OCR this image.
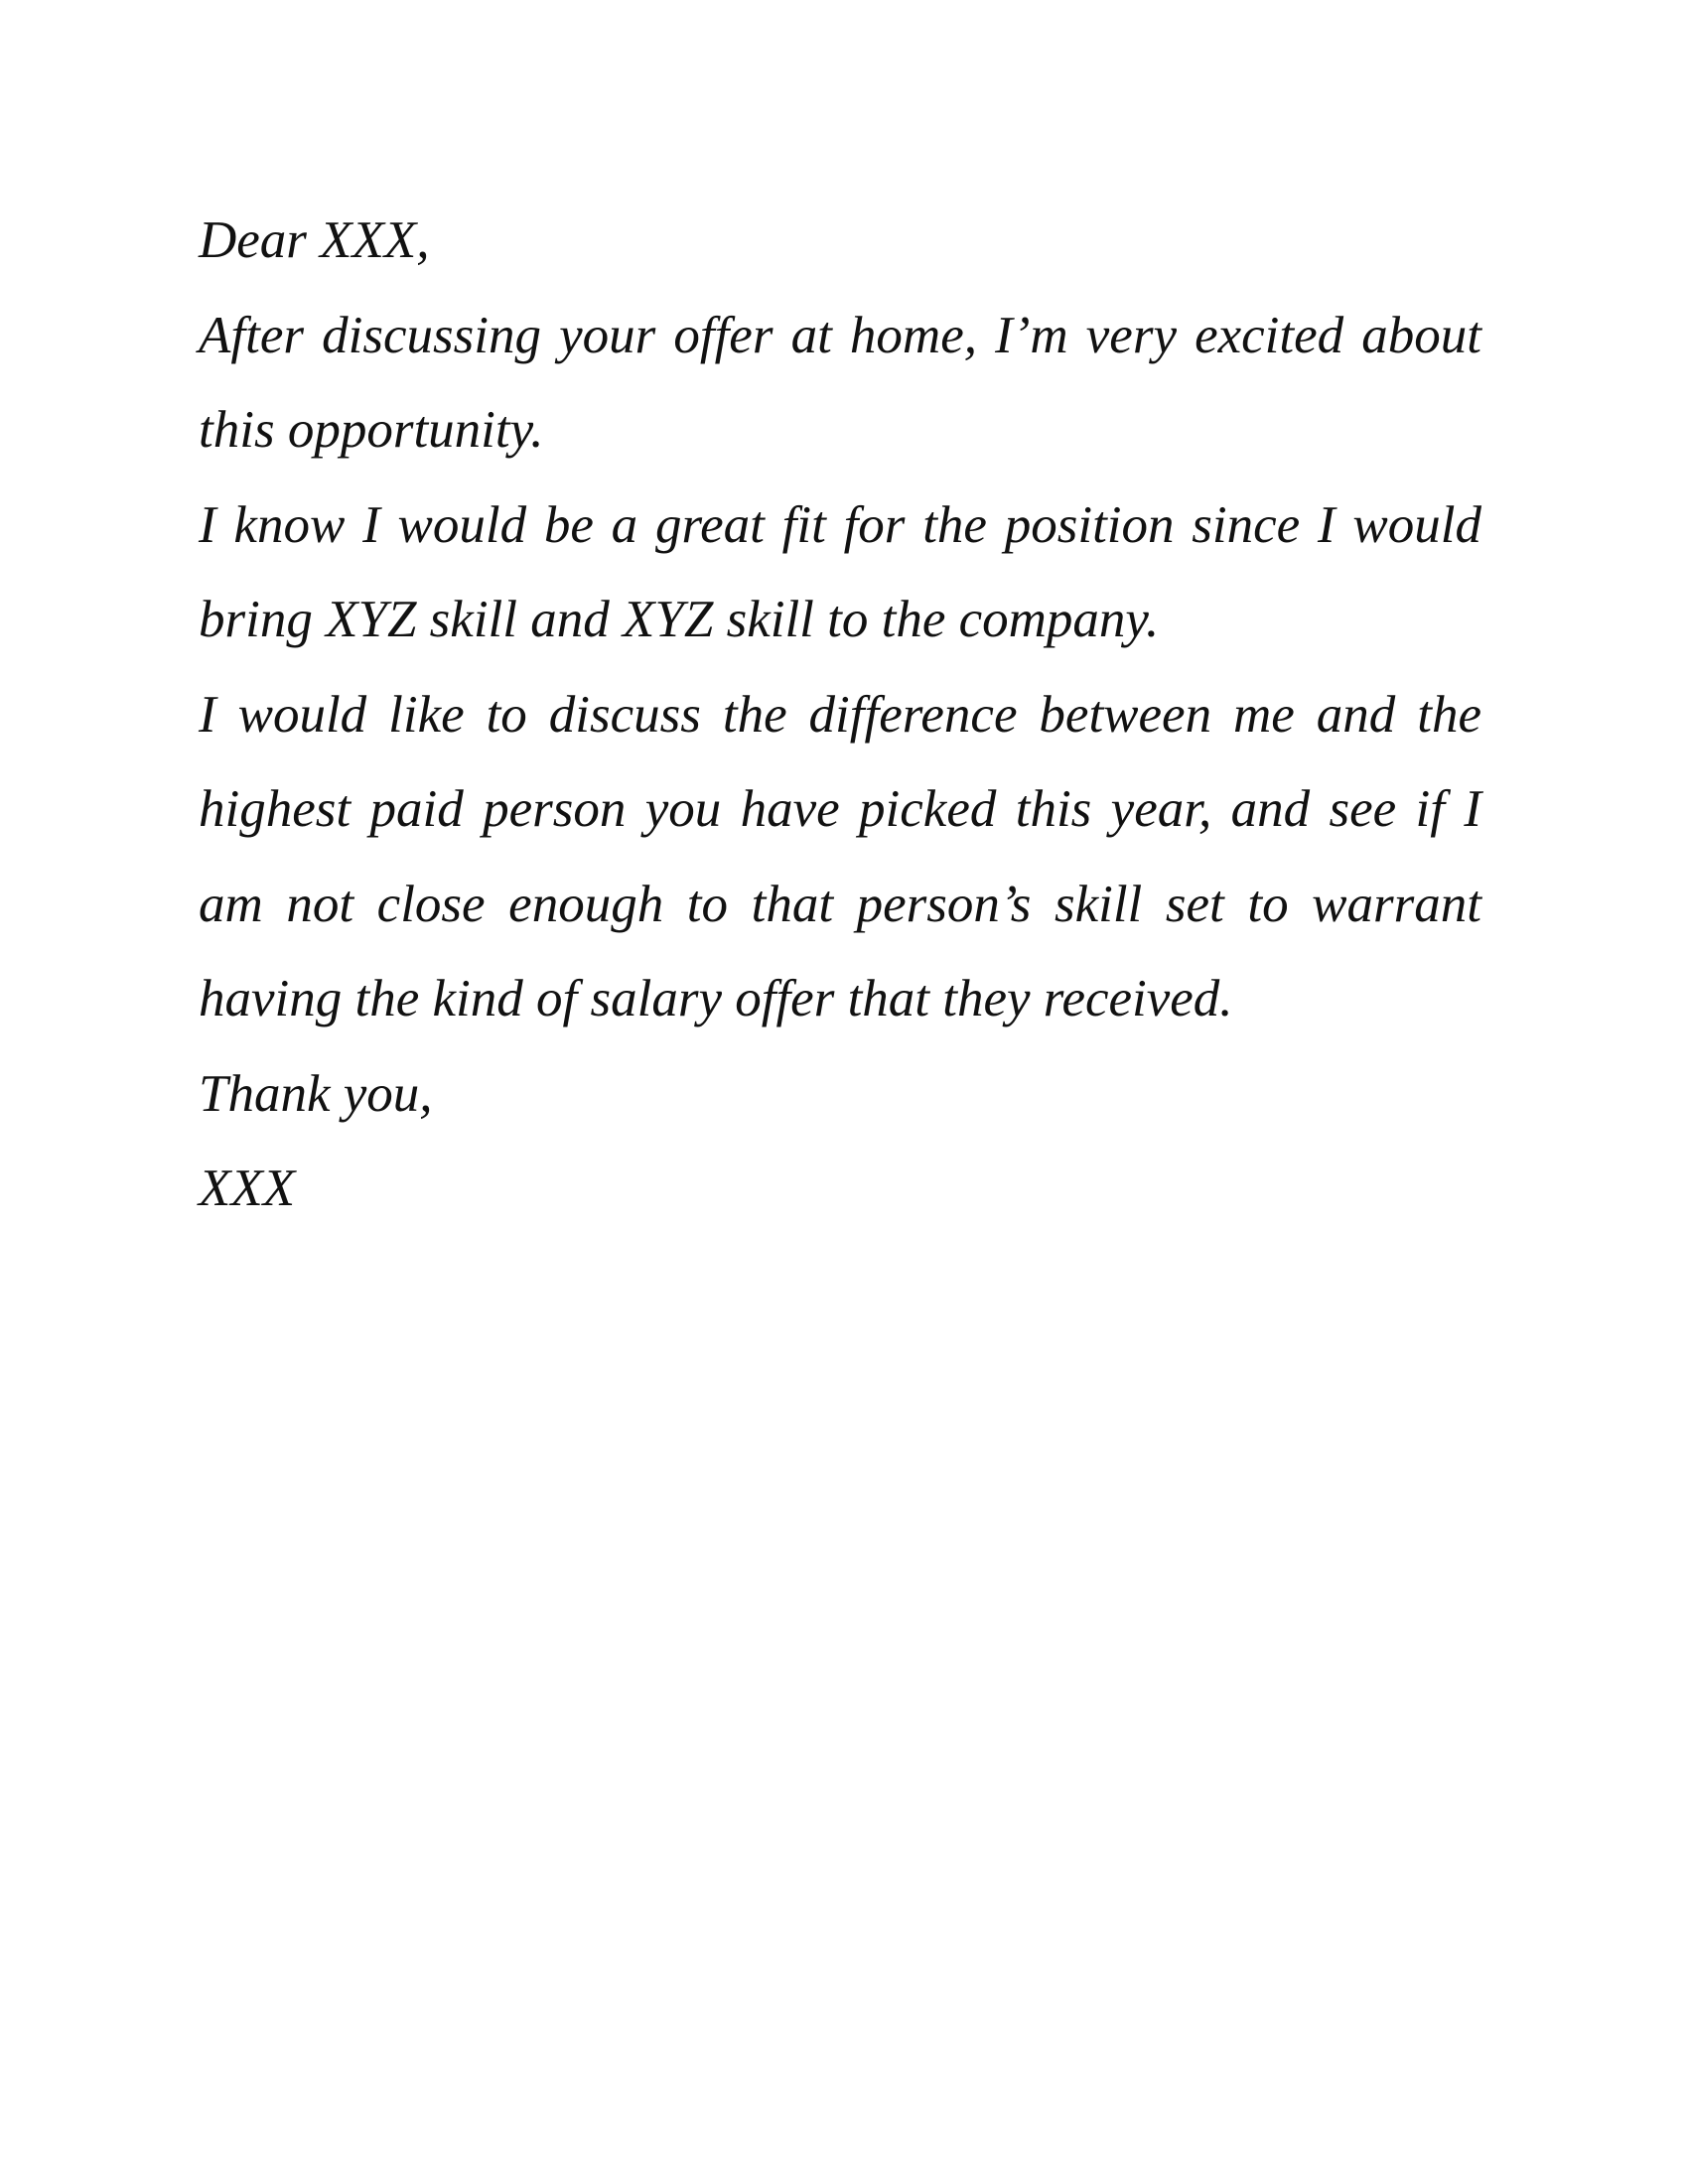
Dear XXX,

After discussing your offer at home, I’m very excited about this opportunity.

I know I would be a great fit for the position since I would bring XYZ skill and XYZ skill to the company.

I would like to discuss the difference between me and the highest paid person you have picked this year, and see if I am not close enough to that person’s skill set to warrant having the kind of salary offer that they received.

Thank you,

XXX
